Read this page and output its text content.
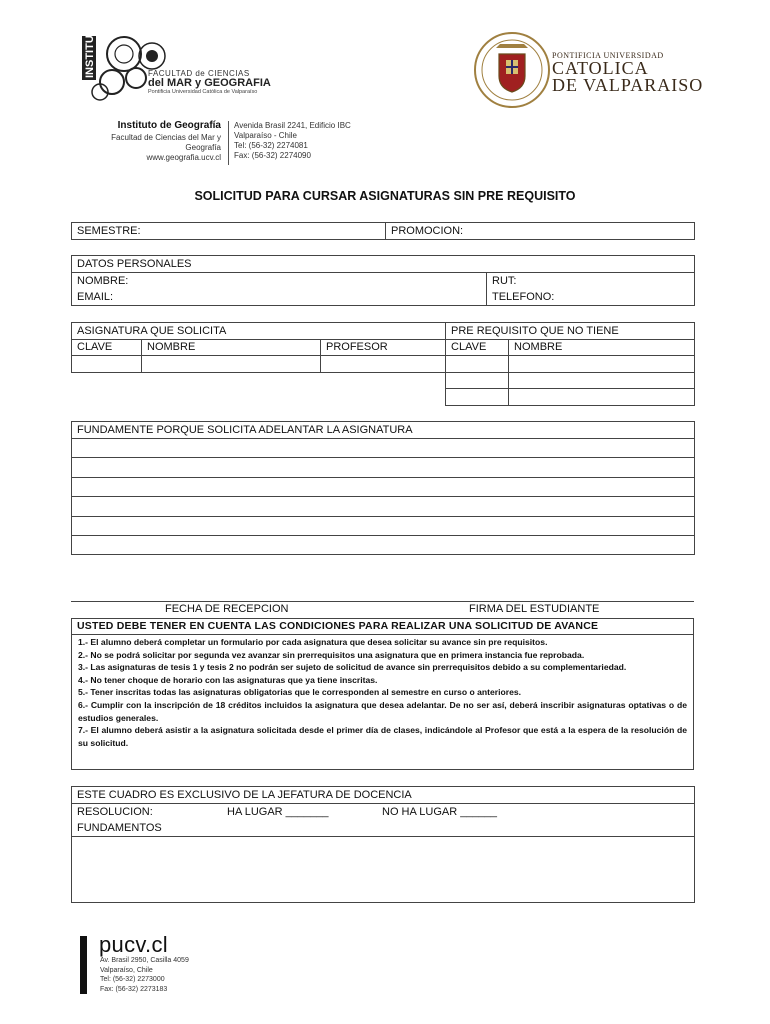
INSTITUTO	FACULTAD de CIENCIAS
del MAR y GEOGRAFIA
Pontificia Universidad Católica de Valparaíso
PONTIFICIA UNIVERSIDAD
CATOLICA
DE VALPARAISO
Instituto de Geografía
Facultad de Ciencias del Mar y
Geografía
www.geografia.ucv.cl
Avenida Brasil 2241, Edificio IBC
Valparaíso - Chile
Tel: (56-32) 2274081
Fax: (56-32) 2274090
SOLICITUD PARA CURSAR ASIGNATURAS SIN PRE REQUISITO
SEMESTRE:	PROMOCION:
DATOS PERSONALES	
NOMBRE:	RUT:
EMAIL:	TELEFONO:
ASIGNATURA QUE SOLICITA			PRE REQUISITO QUE NO TIENE	
CLAVE	NOMBRE	PROFESOR	CLAVE	NOMBRE

FUNDAMENTE PORQUE SOLICITA ADELANTAR LA ASIGNATURA

FECHA DE RECEPCION	FIRMA DEL ESTUDIANTE
USTED DEBE TENER EN CUENTA LAS CONDICIONES PARA REALIZAR UNA SOLICITUD DE AVANCE
1.- El alumno deberá completar un formulario por cada asignatura que desea solicitar su avance sin pre requisitos.
2.- No se podrá solicitar por segunda vez avanzar sin prerrequisitos una asignatura que en primera instancia fue reprobada.
3.- Las asignaturas de tesis 1 y tesis 2 no podrán ser sujeto de solicitud de avance sin prerrequisitos debido a su complementariedad.
4.- No tener choque de horario con las asignaturas que ya tiene inscritas.
5.- Tener inscritas todas las asignaturas obligatorias que le corresponden al semestre en curso o anteriores.
6.- Cumplir con la inscripción de 18 créditos incluidos la asignatura que desea adelantar. De no ser así, deberá inscribir asignaturas optativas o de estudios generales.
7.- El alumno deberá asistir a la asignatura solicitada desde el primer día de clases, indicándole al Profesor que está a la espera de la resolución de su solicitud.
ESTE CUADRO ES EXCLUSIVO DE LA JEFATURA DE DOCENCIA
RESOLUCION:	HA LUGAR _______	NO HA LUGAR ______
FUNDAMENTOS

pucv.cl
Av. Brasil 2950, Casilla 4059
Valparaíso, Chile
Tel: (56-32) 2273000
Fax: (56-32) 2273183
